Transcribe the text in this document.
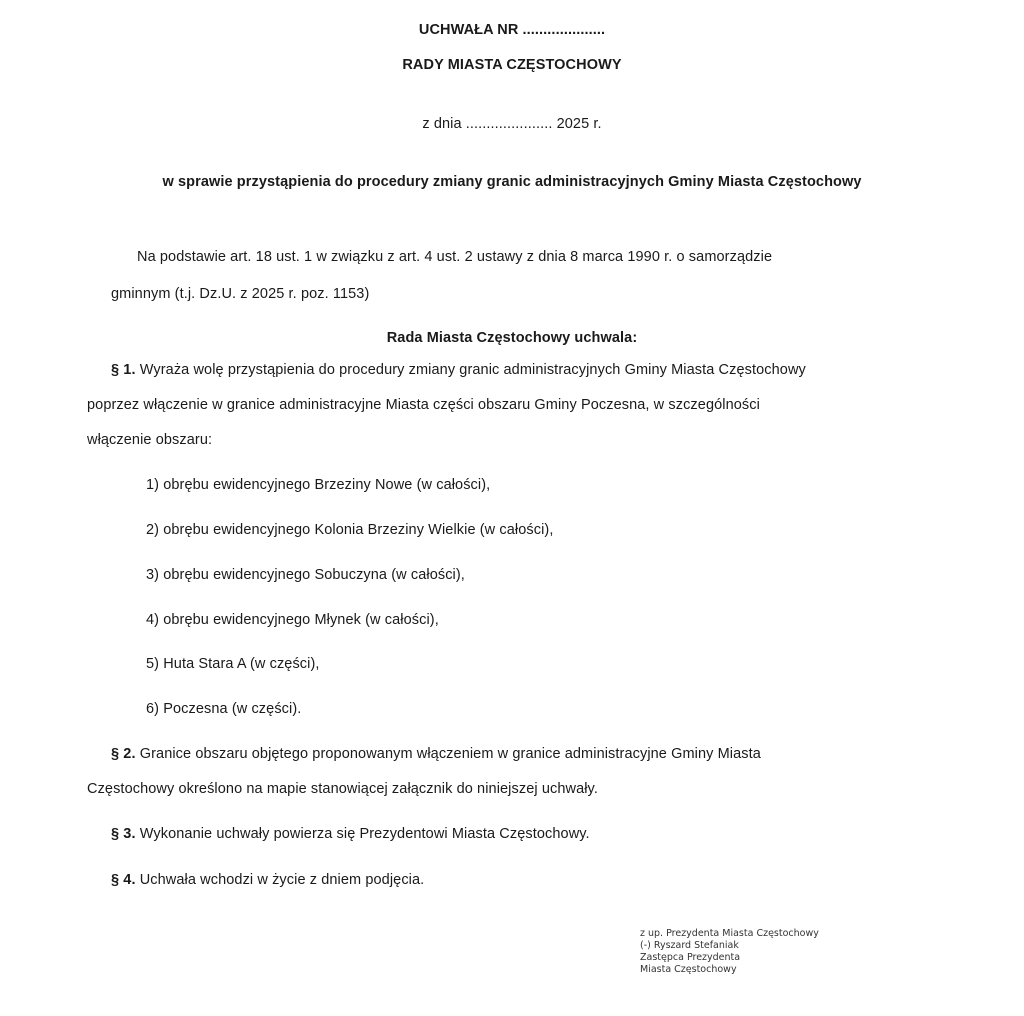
UCHWAŁA NR ....................
RADY MIASTA CZĘSTOCHOWY
z dnia ..................... 2025 r.
w sprawie przystąpienia do procedury zmiany granic administracyjnych Gminy Miasta Częstochowy
Na podstawie art. 18 ust. 1 w związku z art. 4 ust. 2 ustawy z dnia 8 marca 1990 r. o samorządzie
gminnym (t.j. Dz.U. z 2025 r. poz. 1153)
Rada Miasta Częstochowy uchwala:
§ 1. Wyraża wolę przystąpienia do procedury zmiany granic administracyjnych Gminy Miasta Częstochowy
poprzez włączenie w granice administracyjne Miasta części obszaru Gminy Poczesna, w szczególności
włączenie obszaru:
1) obrębu ewidencyjnego Brzeziny Nowe (w całości),
2) obrębu ewidencyjnego Kolonia Brzeziny Wielkie (w całości),
3) obrębu ewidencyjnego Sobuczyna (w całości),
4) obrębu ewidencyjnego Młynek (w całości),
5) Huta Stara A (w części),
6) Poczesna (w części).
§ 2. Granice obszaru objętego proponowanym włączeniem w granice administracyjne Gminy Miasta
Częstochowy określono na mapie stanowiącej załącznik do niniejszej uchwały.
§ 3. Wykonanie uchwały powierza się Prezydentowi Miasta Częstochowy.
§ 4. Uchwała wchodzi w życie z dniem podjęcia.
z up. Prezydenta Miasta Częstochowy
(-) Ryszard Stefaniak
Zastępca Prezydenta
Miasta Częstochowy
